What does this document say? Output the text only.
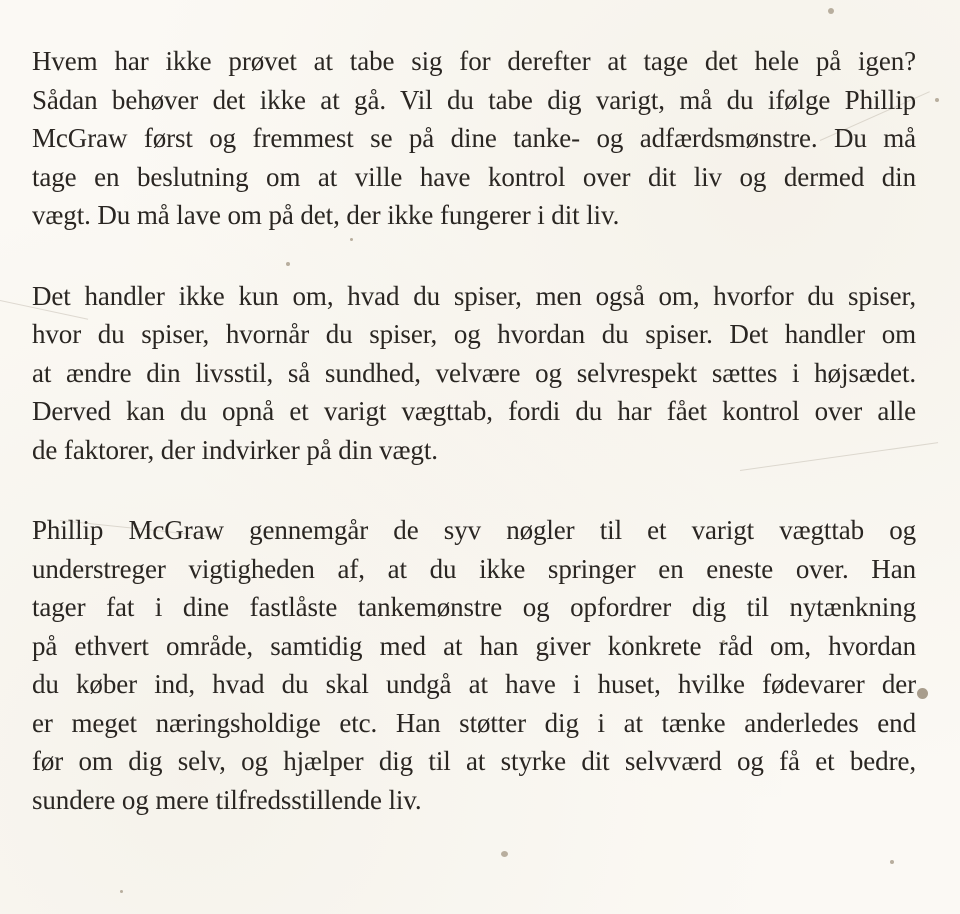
Hvem har ikke prøvet at tabe sig for derefter at tage det hele på igen?
Sådan behøver det ikke at gå. Vil du tabe dig varigt, må du ifølge Phillip
McGraw først og fremmest se på dine tanke- og adfærdsmønstre. Du må
tage en beslutning om at ville have kontrol over dit liv og dermed din
vægt. Du må lave om på det, der ikke fungerer i dit liv.
Det handler ikke kun om, hvad du spiser, men også om, hvorfor du spiser,
hvor du spiser, hvornår du spiser, og hvordan du spiser. Det handler om
at ændre din livsstil, så sundhed, velvære og selvrespekt sættes i højsædet.
Derved kan du opnå et varigt vægttab, fordi du har fået kontrol over alle
de faktorer, der indvirker på din vægt.
Phillip McGraw gennemgår de syv nøgler til et varigt vægttab og
understreger vigtigheden af, at du ikke springer en eneste over. Han
tager fat i dine fastlåste tankemønstre og opfordrer dig til nytænkning
på ethvert område, samtidig med at han giver konkrete råd om, hvordan
du køber ind, hvad du skal undgå at have i huset, hvilke fødevarer der
er meget næringsholdige etc. Han støtter dig i at tænke anderledes end
før om dig selv, og hjælper dig til at styrke dit selvværd og få et bedre,
sundere og mere tilfredsstillende liv.
